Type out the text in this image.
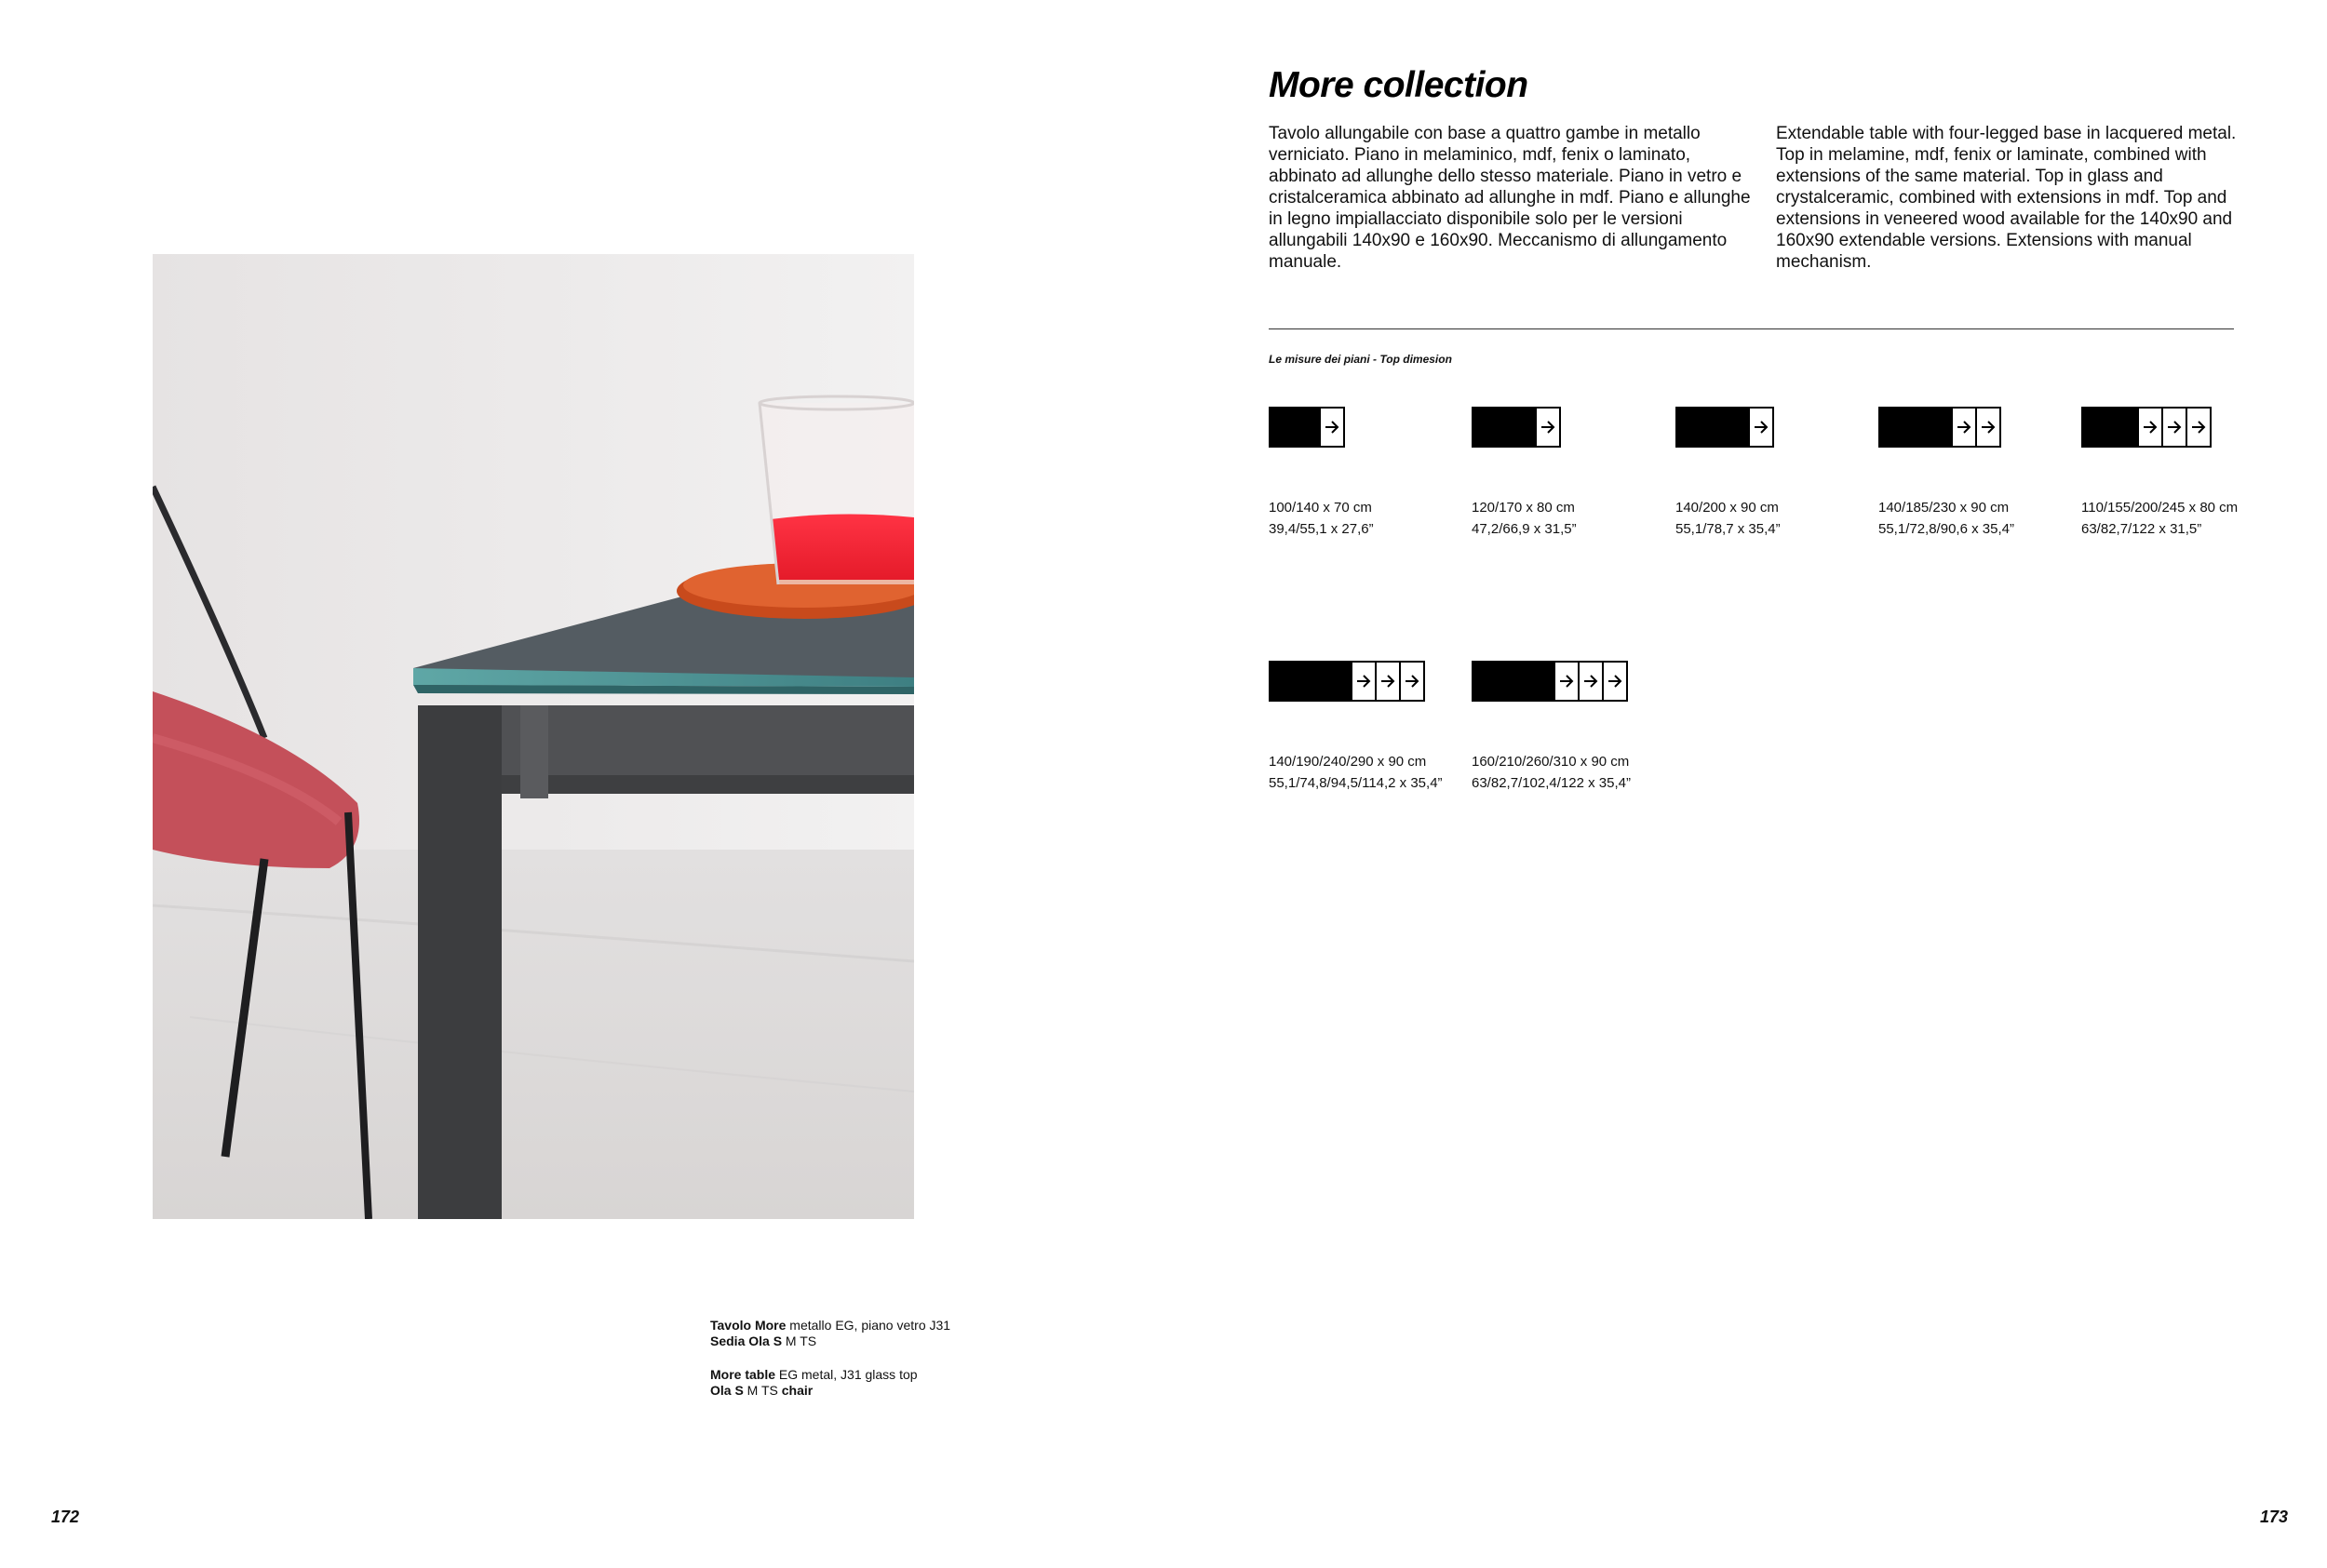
Tavolo More metallo EG, piano vetro J31
Sedia Ola S M TS
More table EG metal, J31 glass top
Ola S M TS chair
172
More collection

Tavolo allungabile con base a quattro gambe in metallo verniciato. Piano in melaminico, mdf, fenix o laminato, abbinato ad allunghe dello stesso materiale. Piano in vetro e cristalceramica abbinato ad allunghe in mdf. Piano e allunghe in legno impiallacciato disponibile solo per le versioni allungabili 140x90 e 160x90. Meccanismo di allungamento manuale.

Extendable table with four-legged base in lacquered metal. Top in melamine, mdf, fenix or laminate, combined with extensions of the same material. Top in glass and crystalceramic, combined with extensions in mdf. Top and extensions in veneered wood available for the 140x90 and 160x90 extendable versions. Extensions with manual mechanism.

Le misure dei piani - Top dimesion
100/140 x 70 cm
39,4/55,1 x 27,6”
120/170 x 80 cm
47,2/66,9 x 31,5”
140/200 x 90 cm
55,1/78,7 x 35,4”
140/185/230 x 90 cm
55,1/72,8/90,6 x 35,4”
110/155/200/245 x 80 cm
63/82,7/122 x 31,5”
140/190/240/290 x 90 cm
55,1/74,8/94,5/114,2 x 35,4”
160/210/260/310 x 90 cm
63/82,7/102,4/122 x 35,4”
173
